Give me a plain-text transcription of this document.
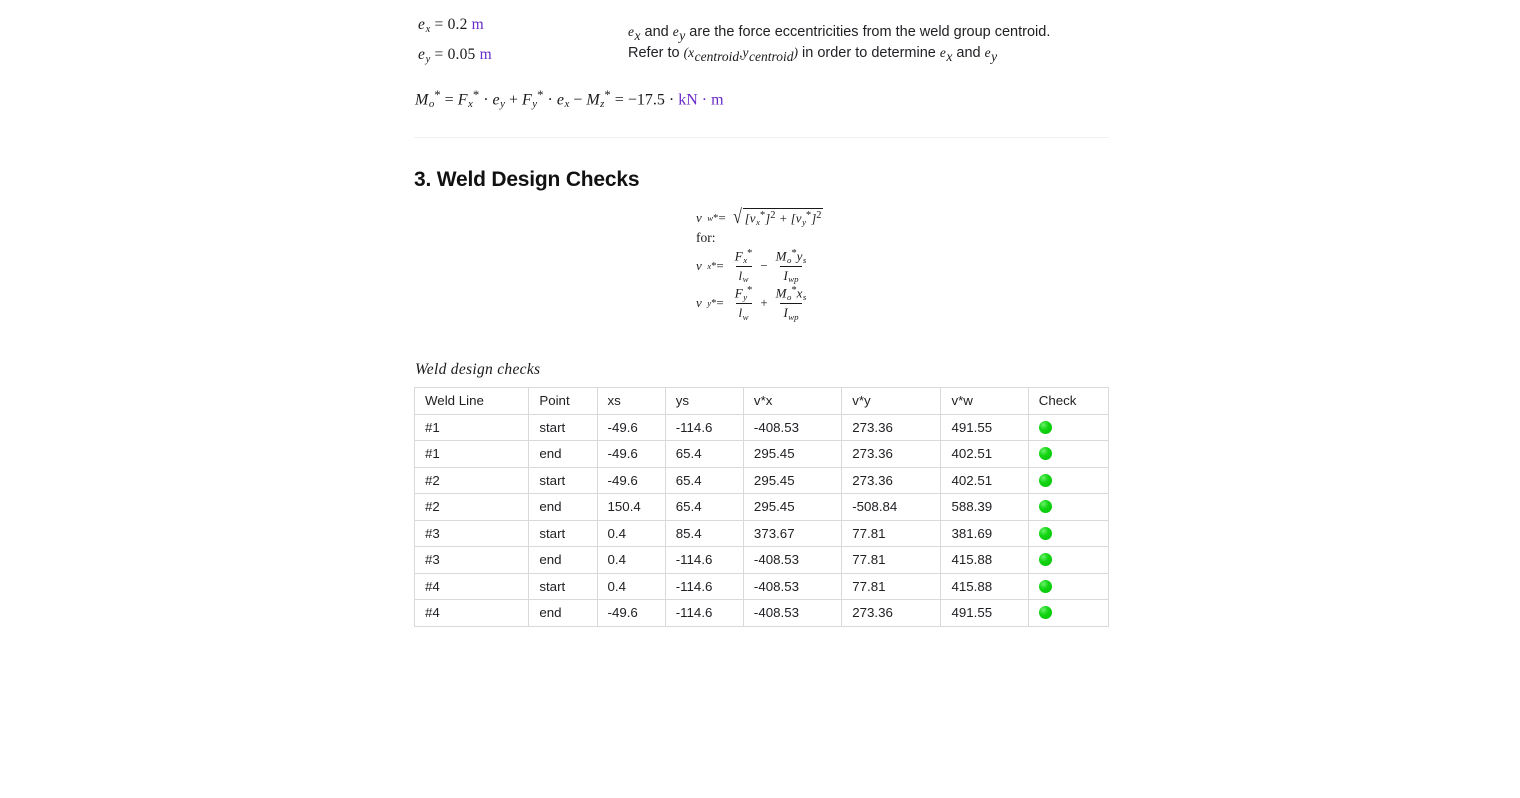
$e_x = 0.2$ m
$e_y = 0.05$ m
$e_x$ and $e_y$ are the force eccentricities from the weld group centroid.
Refer to $(x_{centroid},y_{centroid})$ in order to determine $e_x$ and $e_y$
$M_o^* = F_x^* \cdot e_y + F_y^* \cdot e_x - M_z^* = -17.5$ · kN · m
3. Weld Design Checks
v w * = √ $[v_x^*]^2 + [v_y^*]^2$
for:
v x * = $\frac{F_x^*}{l_w} - \frac{M_o^*y_s}{I_{wp}}$
v y * = $\frac{F_y^*}{l_w} + \frac{M_o^*x_s}{I_{wp}}$
Weld design checks
Weld Line	Point	xs	ys	v*x	v*y	v*w	Check
#1	start	-49.6	-114.6	-408.53	273.36	491.55	
#1	end	-49.6	65.4	295.45	273.36	402.51	
#2	start	-49.6	65.4	295.45	273.36	402.51	
#2	end	150.4	65.4	295.45	-508.84	588.39	
#3	start	0.4	85.4	373.67	77.81	381.69	
#3	end	0.4	-114.6	-408.53	77.81	415.88	
#4	start	0.4	-114.6	-408.53	77.81	415.88	
#4	end	-49.6	-114.6	-408.53	273.36	491.55	
